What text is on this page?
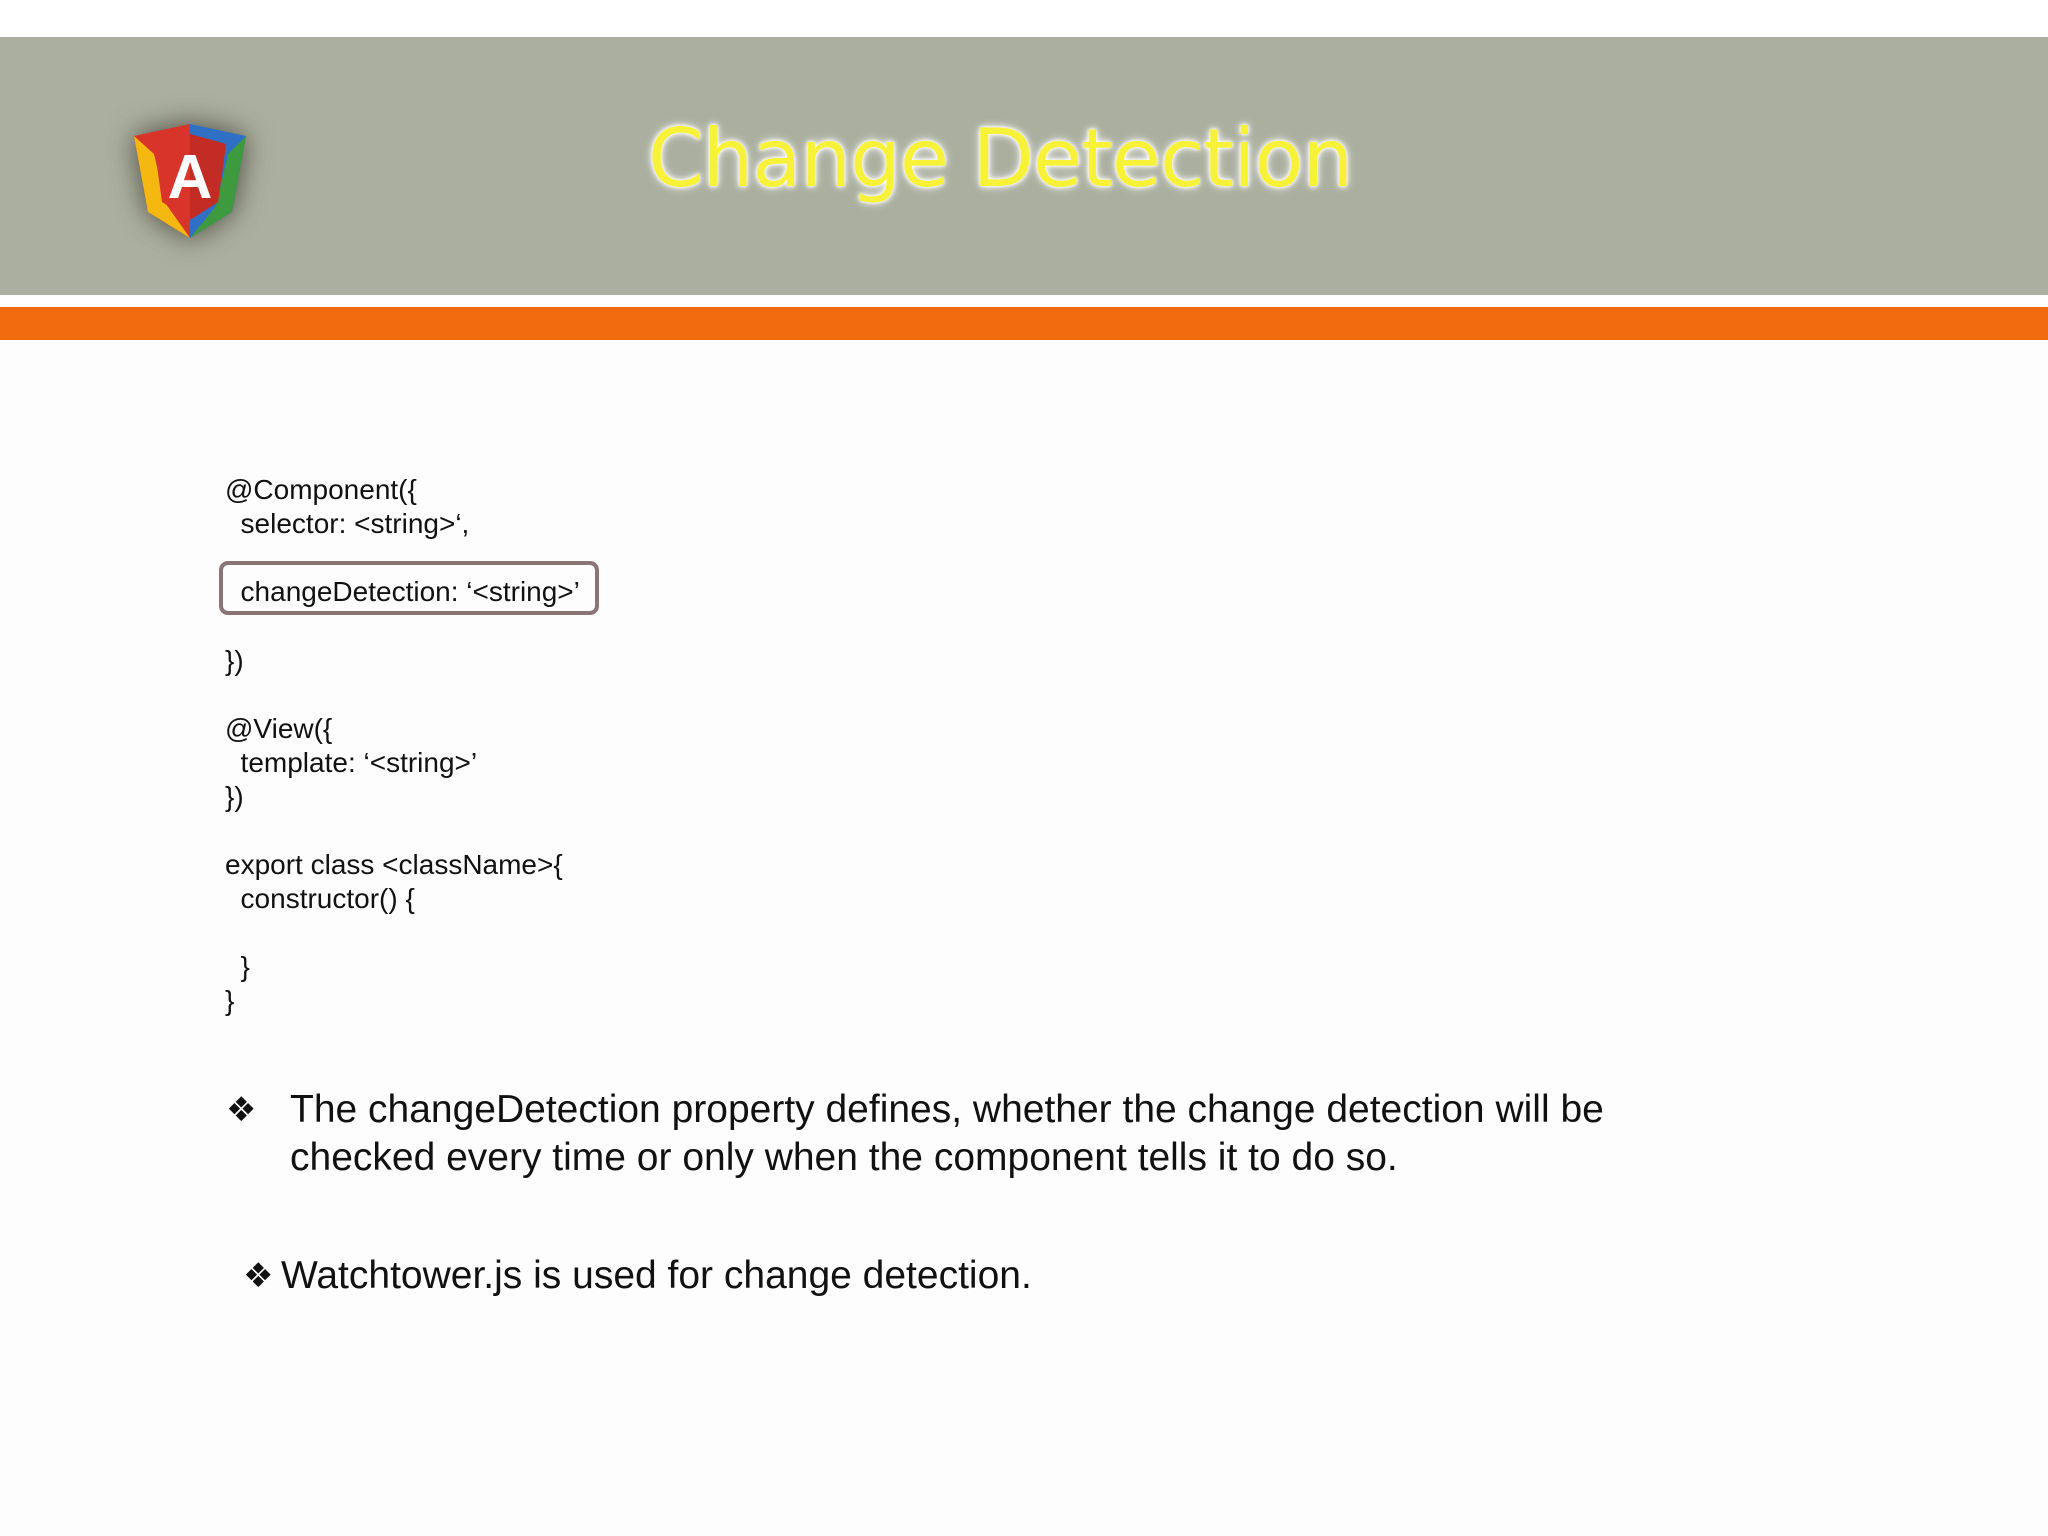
A	Change Detection
@Component({
selector: <string>‘,
changeDetection: ‘<string>’
})
@View({
template: ‘<string>’
})
export class <className>{
constructor() {
}
}
❖ The changeDetection property defines, whether the change detection will be
checked every time or only when the component tells it to do so.
❖ Watchtower.js is used for change detection.
